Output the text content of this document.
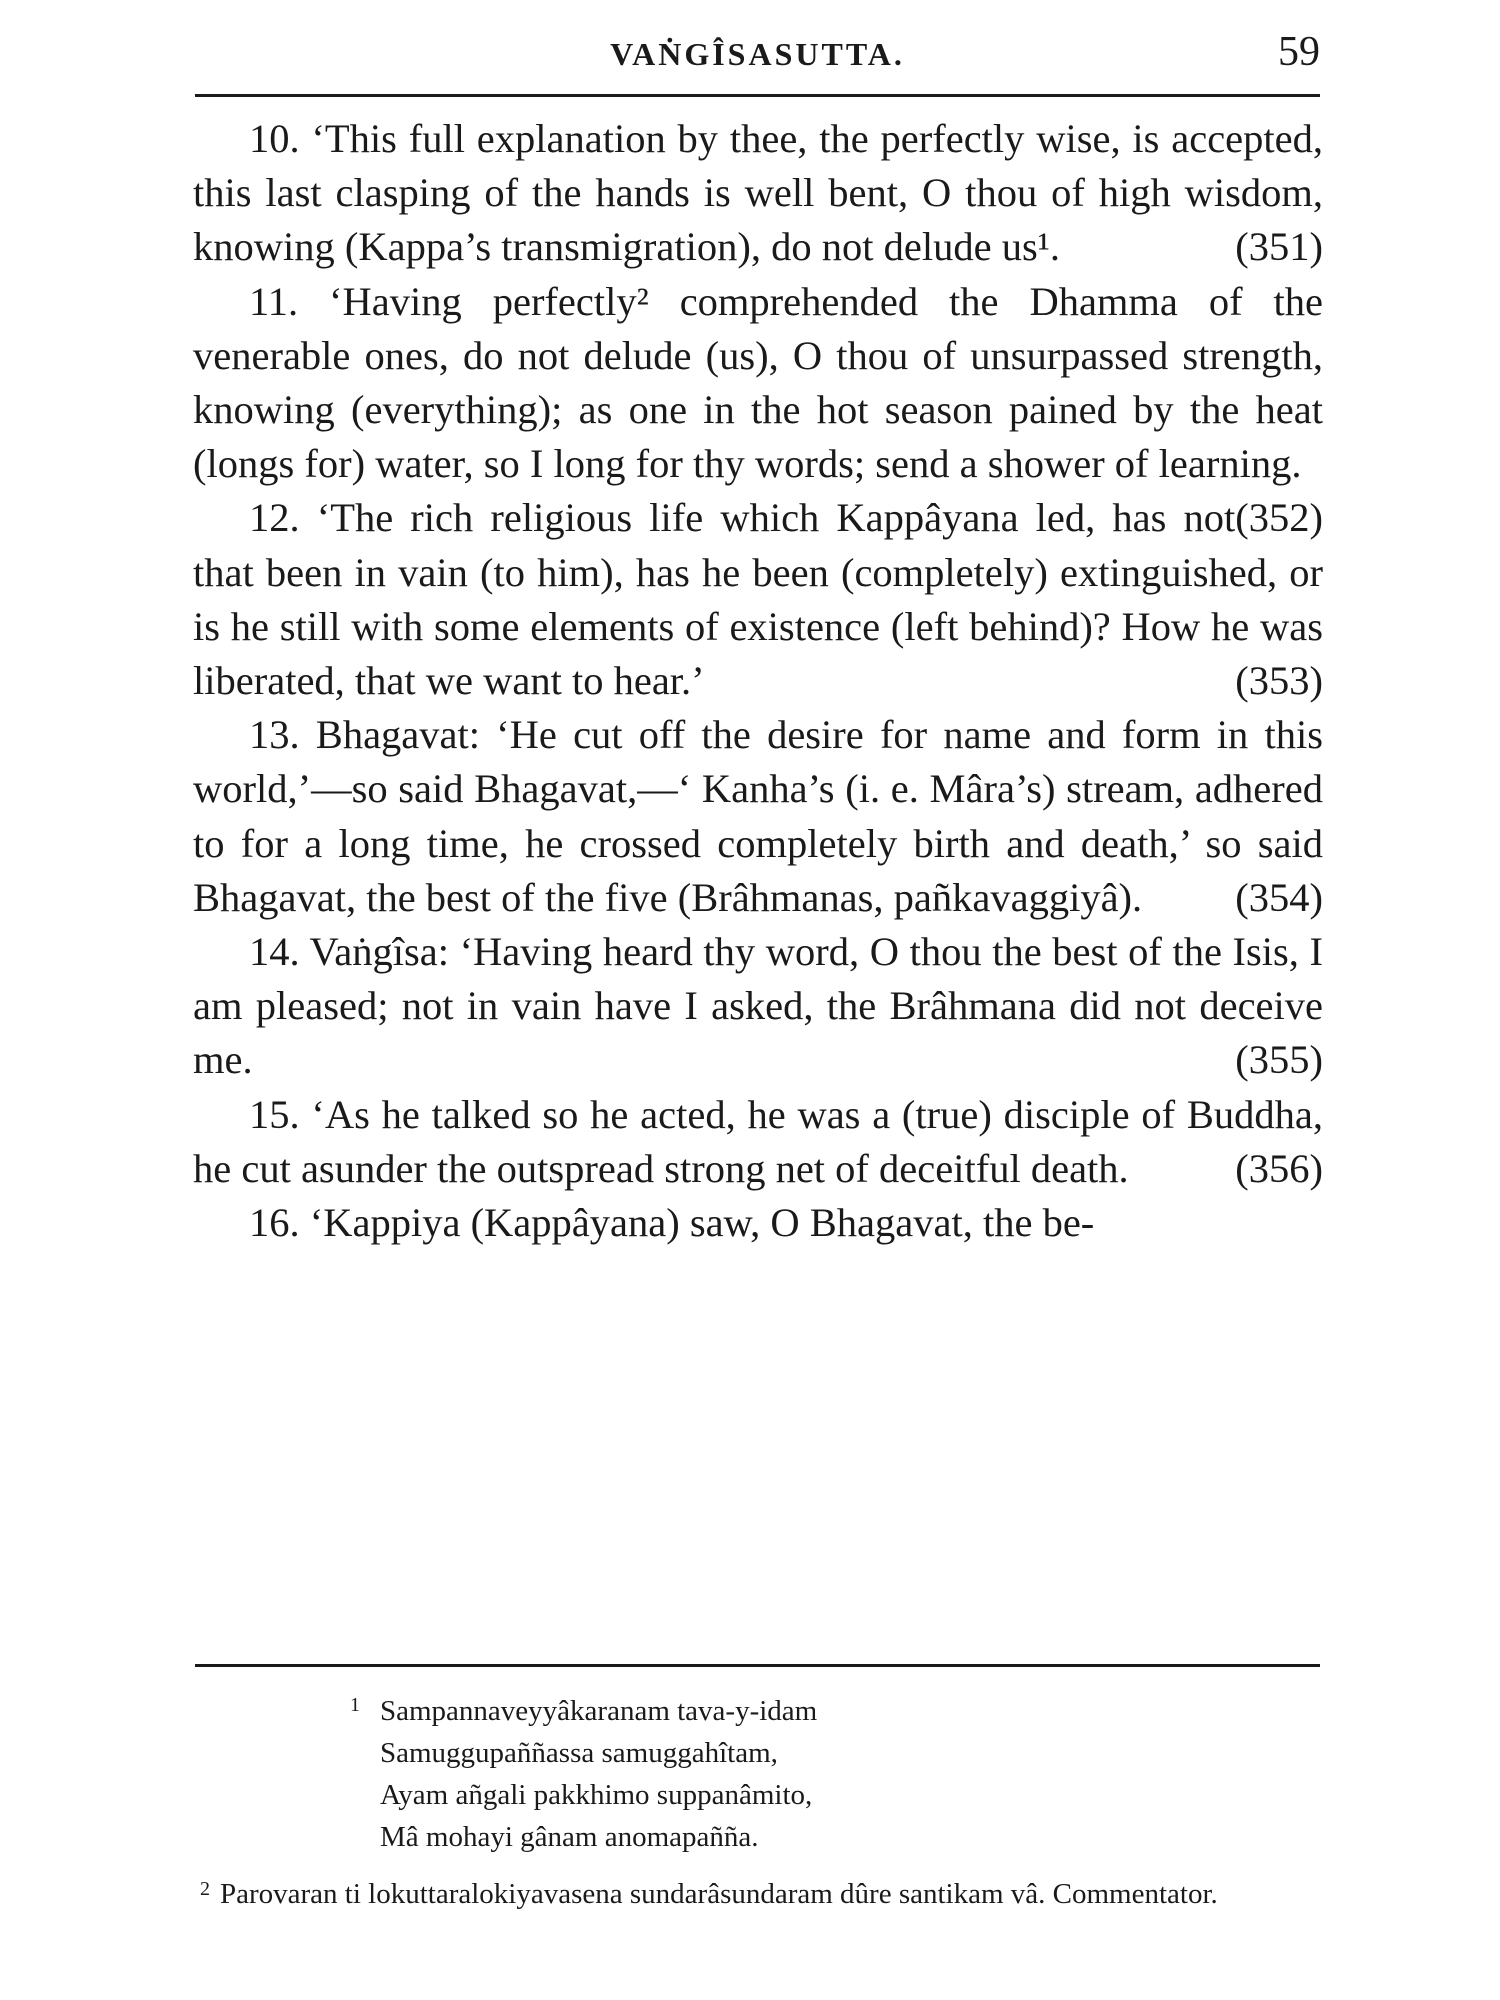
VAṄGÎSASUTTA.	59

10. ‘This full explanation by thee, the perfectly wise, is accepted, this last clasping of the hands is well bent, O thou of high wisdom, knowing (Kappa’s transmigration), do not delude us¹.	(351)

11. ‘Having perfectly² comprehended the Dhamma of the venerable ones, do not delude (us), O thou of unsurpassed strength, knowing (everything); as one in the hot season pained by the heat (longs for) water, so I long for thy words; send a shower of learning.
(352)

12. ‘The rich religious life which Kappâyana led, has not that been in vain (to him), has he been (completely) extinguished, or is he still with some elements of existence (left behind)? How he was liberated, that we want to hear.’	(353)

13. Bhagavat: ‘He cut off the desire for name and form in this world,’—so said Bhagavat,—‘ Kanha’s (i. e. Mâra’s) stream, adhered to for a long time, he crossed completely birth and death,’ so said Bhagavat, the best of the five (Brâhmanas, pañkavaggiyâ). (354)

14. Vaṅgîsa: ‘Having heard thy word, O thou the best of the Isis, I am pleased; not in vain have I asked, the Brâhmana did not deceive me.	(355)

15. ‘As he talked so he acted, he was a (true) disciple of Buddha, he cut asunder the outspread strong net of deceitful death.	(356)

16. ‘Kappiya (Kappâyana) saw, O Bhagavat, the be-

1 Sampannaveyyâkaranam tava-y-idam
Samuggupaññassa samuggahîtam,
Ayam añgali pakkhimo suppanâmito,
Mâ mohayi gânam anomapañña.
$^2$ Parovaran ti lokuttaralokiyavasena sundarâsundaram dûre santikam vâ. Commentator.
